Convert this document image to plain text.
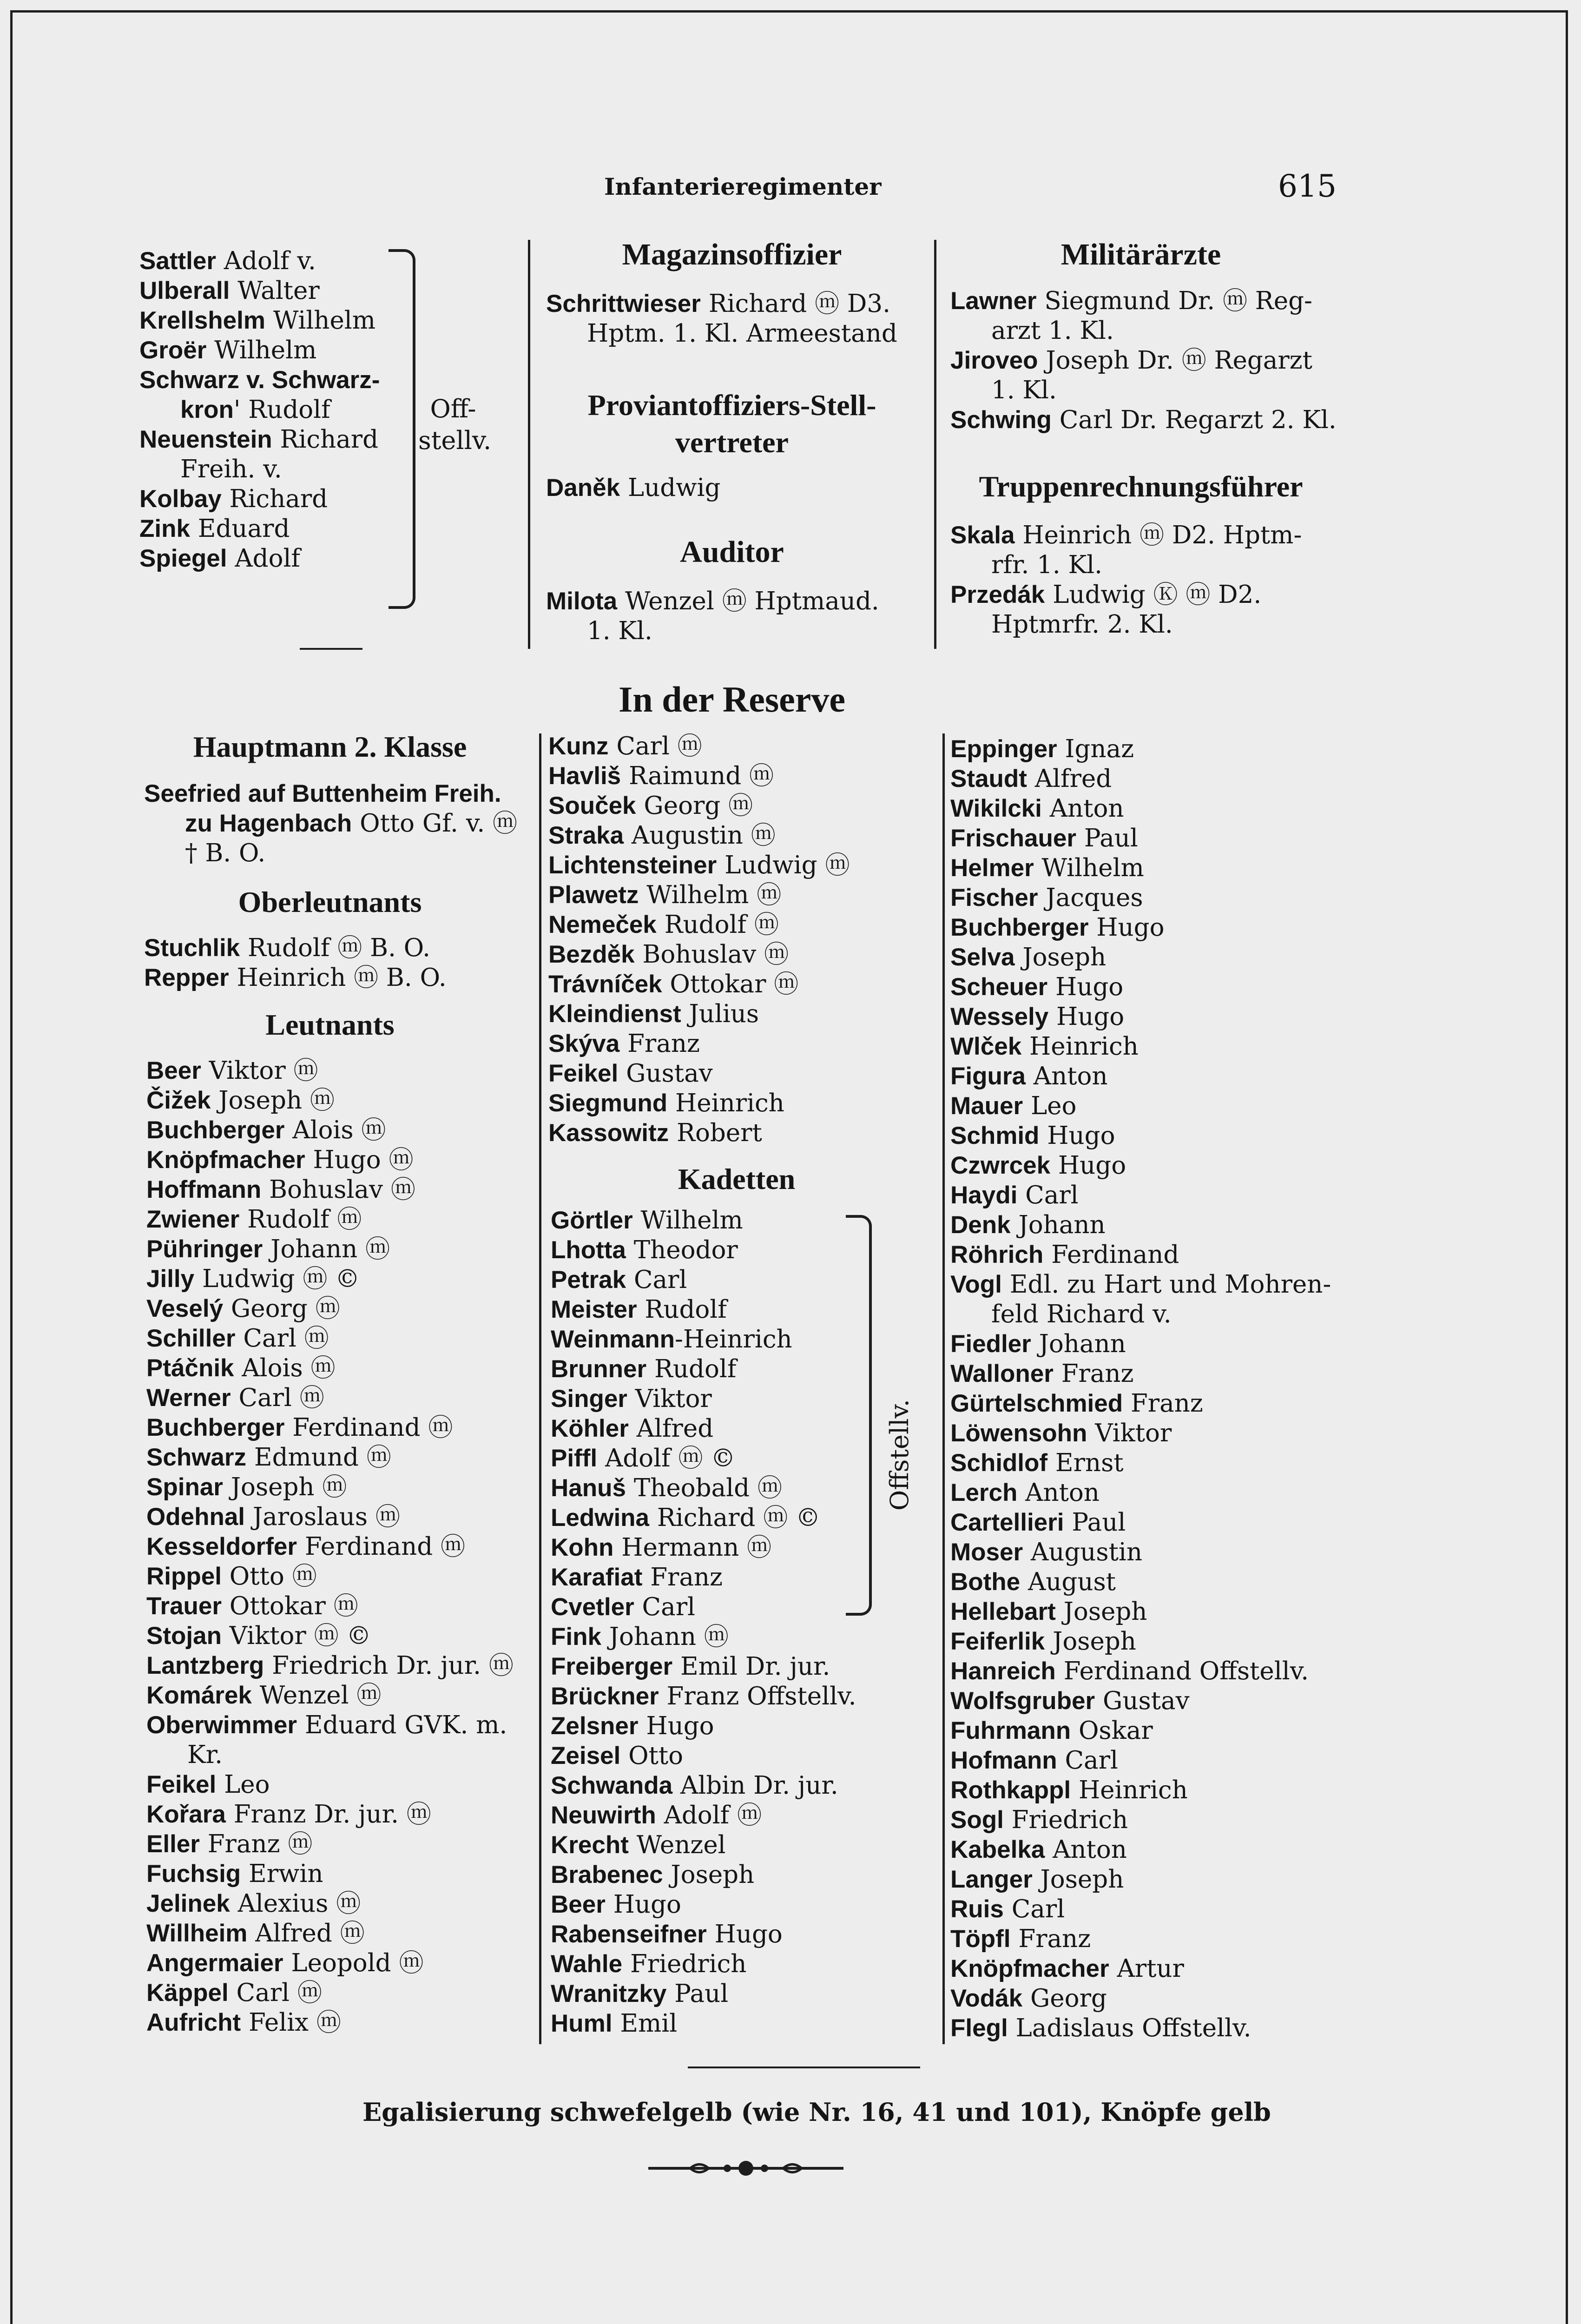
Infanterieregimenter	615
Sattler Adolf v.
Ulberall Walter
Krellshelm Wilhelm
Groër Wilhelm
Schwarz v. Schwarz-
kron' Rudolf
Neuenstein Richard
Freih. v.
Kolbay Richard
Zink Eduard
Spiegel Adolf
Off- stellv.
Magazinsoffizier
Schrittwieser Richard ⓜ D3.
Hptm. 1. Kl. Armeestand
Proviantoffiziers-Stell-
vertreter
Daněk Ludwig
Auditor
Milota Wenzel ⓜ Hptmaud.
1. Kl.
Militärärzte
Lawner Siegmund Dr. ⓜ Reg-
arzt 1. Kl.
Jiroveo Joseph Dr. ⓜ Regarzt
1. Kl.
Schwing Carl Dr. Regarzt 2. Kl.
Truppenrechnungsführer
Skala Heinrich ⓜ D2. Hptm-
rfr. 1. Kl.
Przedák Ludwig Ⓚ ⓜ D2.
Hptmrfr. 2. Kl.
In der Reserve
Hauptmann 2. Klasse
Seefried auf Buttenheim Freih.
zu Hagenbach Otto Gf. v. ⓜ
† B. O.
Oberleutnants
Stuchlik Rudolf ⓜ B. O.
Repper Heinrich ⓜ B. O.
Leutnants
Beer Viktor ⓜ
Čižek Joseph ⓜ
Buchberger Alois ⓜ
Knöpfmacher Hugo ⓜ
Hoffmann Bohuslav ⓜ
Zwiener Rudolf ⓜ
Pühringer Johann ⓜ
Jilly Ludwig ⓜ ©
Veselý Georg ⓜ
Schiller Carl ⓜ
Ptáčnik Alois ⓜ
Werner Carl ⓜ
Buchberger Ferdinand ⓜ
Schwarz Edmund ⓜ
Spinar Joseph ⓜ
Odehnal Jaroslaus ⓜ
Kesseldorfer Ferdinand ⓜ
Rippel Otto ⓜ
Trauer Ottokar ⓜ
Stojan Viktor ⓜ ©
Lantzberg Friedrich Dr. jur. ⓜ
Komárek Wenzel ⓜ
Oberwimmer Eduard GVK. m.
Kr.
Feikel Leo
Kořara Franz Dr. jur. ⓜ
Eller Franz ⓜ
Fuchsig Erwin
Jelinek Alexius ⓜ
Willheim Alfred ⓜ
Angermaier Leopold ⓜ
Käppel Carl ⓜ
Aufricht Felix ⓜ
Kunz Carl ⓜ
Havliš Raimund ⓜ
Souček Georg ⓜ
Straka Augustin ⓜ
Lichtensteiner Ludwig ⓜ
Plawetz Wilhelm ⓜ
Nemeček Rudolf ⓜ
Bezděk Bohuslav ⓜ
Trávníček Ottokar ⓜ
Kleindienst Julius
Skýva Franz
Feikel Gustav
Siegmund Heinrich
Kassowitz Robert
Kadetten
Görtler Wilhelm
Lhotta Theodor
Petrak Carl
Meister Rudolf
Weinmann-Heinrich
Brunner Rudolf
Singer Viktor
Köhler Alfred
Piffl Adolf ⓜ ©
Hanuš Theobald ⓜ
Ledwina Richard ⓜ ©
Kohn Hermann ⓜ
Karafiat Franz
Cvetler Carl
Fink Johann ⓜ
Freiberger Emil Dr. jur.
Brückner Franz Offstellv.
Zelsner Hugo
Zeisel Otto
Schwanda Albin Dr. jur.
Neuwirth Adolf ⓜ
Krecht Wenzel
Brabenec Joseph
Beer Hugo
Rabenseifner Hugo
Wahle Friedrich
Wranitzky Paul
Huml Emil
Offstellv.
Eppinger Ignaz
Staudt Alfred
Wikilcki Anton
Frischauer Paul
Helmer Wilhelm
Fischer Jacques
Buchberger Hugo
Selva Joseph
Scheuer Hugo
Wessely Hugo
Wlček Heinrich
Figura Anton
Mauer Leo
Schmid Hugo
Czwrcek Hugo
Haydi Carl
Denk Johann
Röhrich Ferdinand
Vogl Edl. zu Hart und Mohren-
feld Richard v.
Fiedler Johann
Walloner Franz
Gürtelschmied Franz
Löwensohn Viktor
Schidlof Ernst
Lerch Anton
Cartellieri Paul
Moser Augustin
Bothe August
Hellebart Joseph
Feiferlik Joseph
Hanreich Ferdinand Offstellv.
Wolfsgruber Gustav
Fuhrmann Oskar
Hofmann Carl
Rothkappl Heinrich
Sogl Friedrich
Kabelka Anton
Langer Joseph
Ruis Carl
Töpfl Franz
Knöpfmacher Artur
Vodák Georg
Flegl Ladislaus Offstellv.
Egalisierung schwefelgelb (wie Nr. 16, 41 und 101), Knöpfe gelb
